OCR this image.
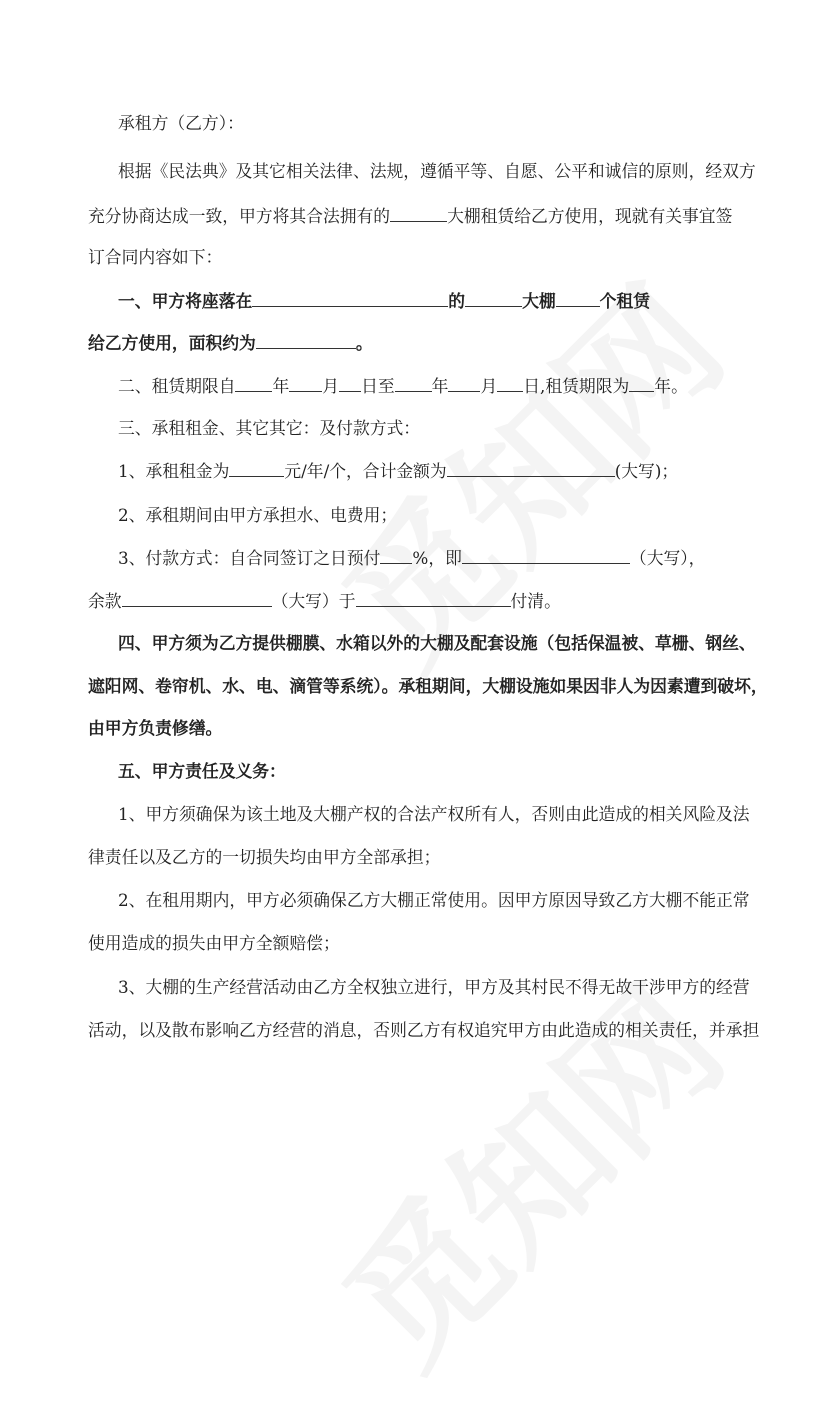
承租方（乙方）：
根据《民法典》及其它相关法律、法规，遵循平等、自愿、公平和诚信的原则，经双方
充分协商达成一致，甲方将其合法拥有的	大棚租赁给乙方使用，现就有关事宜签
订合同内容如下：
一、甲方将座落在	的	大棚	个租赁
给乙方使用，面积约为	。
二、租赁期限自 年 月 日至 年 月 日,租赁期限为 年。
三、承租租金、其它其它：及付款方式：
1、承租租金为	元/年/个，合计金额为	(大写)；
2、承租期间由甲方承担水、电费用；
3、付款方式：自合同签订之日预付 %，即	（大写），
余款	（大写）于	付清。
四、甲方须为乙方提供棚膜、水箱以外的大棚及配套设施（包括保温被、草栅、钢丝、
遮阳网、卷帘机、水、电、滴管等系统）。承租期间，大棚设施如果因非人为因素遭到破坏，
由甲方负责修缮。
五、甲方责任及义务：
1、甲方须确保为该土地及大棚产权的合法产权所有人，否则由此造成的相关风险及法
律责任以及乙方的一切损失均由甲方全部承担；
2、在租用期内，甲方必须确保乙方大棚正常使用。因甲方原因导致乙方大棚不能正常
使用造成的损失由甲方全额赔偿；
3、大棚的生产经营活动由乙方全权独立进行，甲方及其村民不得无故干涉甲方的经营
活动，以及散布影响乙方经营的消息，否则乙方有权追究甲方由此造成的相关责任，并承担
